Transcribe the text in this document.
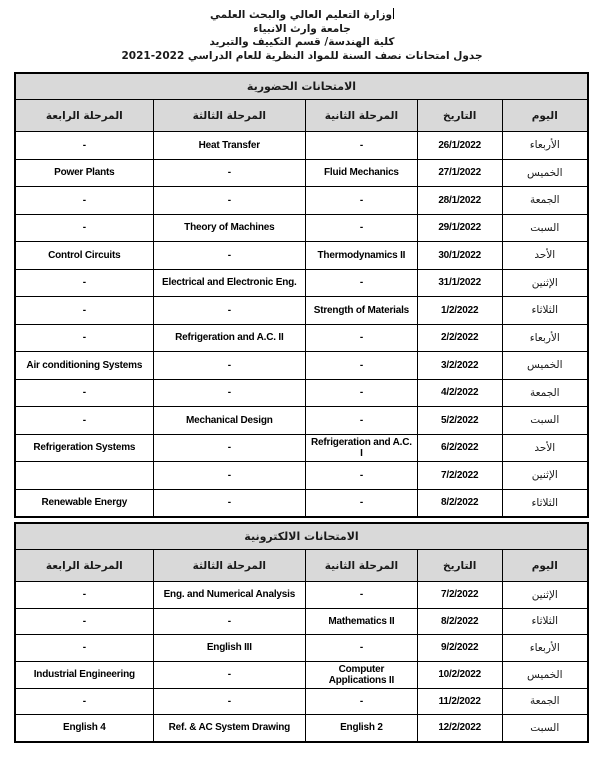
وزارة التعليم العالي والبحث العلمي
جامعة وارث الانبياء
كلية الهندسة/ قسم التكييف والتبريد
جدول امتحانات نصف السنة للمواد النظرية للعام الدراسي 2022-2021
الامتحانات الحضورية				
اليوم	التاريخ	المرحلة الثانية	المرحلة الثالثة	المرحلة الرابعة
الأربعاء	26/1/2022	-	Heat Transfer	-
الخميس	27/1/2022	Fluid Mechanics	-	Power Plants
الجمعة	28/1/2022	-	-	-
السبت	29/1/2022	-	Theory of Machines	-
الأحد	30/1/2022	Thermodynamics II	-	Control Circuits
الإثنين	31/1/2022	-	Electrical and Electronic Eng.	-
الثلاثاء	1/2/2022	Strength of Materials	-	-
الأربعاء	2/2/2022	-	Refrigeration and A.C. II	-
الخميس	3/2/2022	-	-	Air conditioning Systems
الجمعة	4/2/2022	-	-	-
السبت	5/2/2022	-	Mechanical Design	-
الأحد	6/2/2022	Refrigeration and A.C. I	-	Refrigeration Systems
الإثنين	7/2/2022	-	-	
الثلاثاء	8/2/2022	-	-	Renewable Energy
الامتحانات الالكترونية				
اليوم	التاريخ	المرحلة الثانية	المرحلة الثالثة	المرحلة الرابعة
الإثنين	7/2/2022	-	Eng. and Numerical Analysis	-
الثلاثاء	8/2/2022	Mathematics II	-	-
الأربعاء	9/2/2022	-	English III	-
الخميس	10/2/2022	Computer Applications II	-	Industrial Engineering
الجمعة	11/2/2022	-	-	-
السبت	12/2/2022	English 2	Ref. & AC System Drawing	English 4
